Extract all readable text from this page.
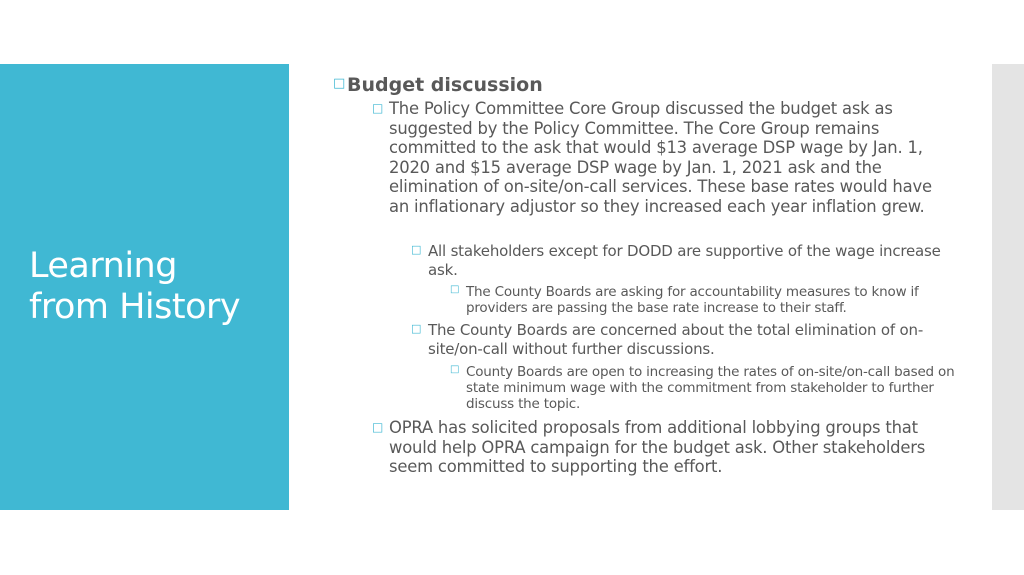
Learning
from History
□ Budget discussion
□ The Policy Committee Core Group discussed the budget ask as suggested by the Policy Committee. The Core Group remains committed to the ask that would $13 average DSP wage by Jan. 1, 2020 and $15 average DSP wage by Jan. 1, 2021 ask and the elimination of on-site/on-call services. These base rates would have an inflationary adjustor so they increased each year inflation grew.
□ All stakeholders except for DODD are supportive of the wage increase ask.
□ The County Boards are asking for accountability measures to know if providers are passing the base rate increase to their staff.
□ The County Boards are concerned about the total elimination of on-site/on-call without further discussions.
□ County Boards are open to increasing the rates of on-site/on-call based on state minimum wage with the commitment from stakeholder to further discuss the topic.
□ OPRA has solicited proposals from additional lobbying groups that would help OPRA campaign for the budget ask. Other stakeholders seem committed to supporting the effort.
